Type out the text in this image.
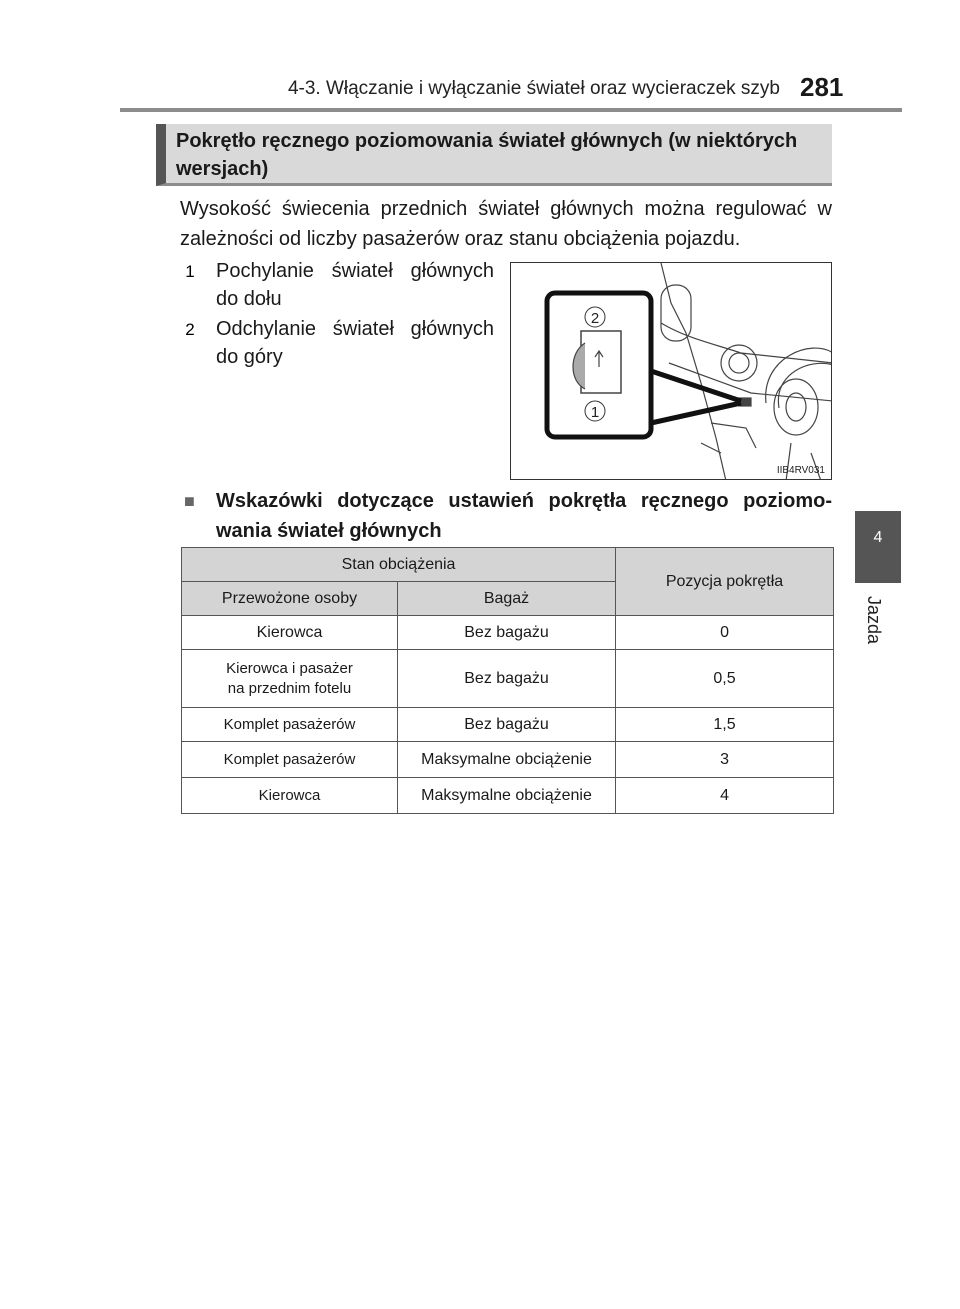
4-3. Włączanie i wyłączanie świateł oraz wycieraczek szyb 281
4
Jazda
Pokrętło ręcznego poziomowania świateł głównych (w niektórych wersjach)
Wysokość świecenia przednich świateł głównych można regulować w zależności od liczby pasażerów oraz stanu obciążenia pojazdu.
1 Pochylanie świateł głównych do dołu
2 Odchylanie świateł głównych do góry
2
1
IIB4RV031
■	Wskazówki dotyczące ustawień pokrętła ręcznego poziomo-wania świateł głównych
Stan obciążenia		Pozycja pokrętła
Przewożone osoby	Bagaż	
Kierowca	Bez bagażu	0
Kierowca i pasażer na przednim fotelu	Bez bagażu	0,5
Komplet pasażerów	Bez bagażu	1,5
Komplet pasażerów	Maksymalne obciążenie	3
Kierowca	Maksymalne obciążenie	4
